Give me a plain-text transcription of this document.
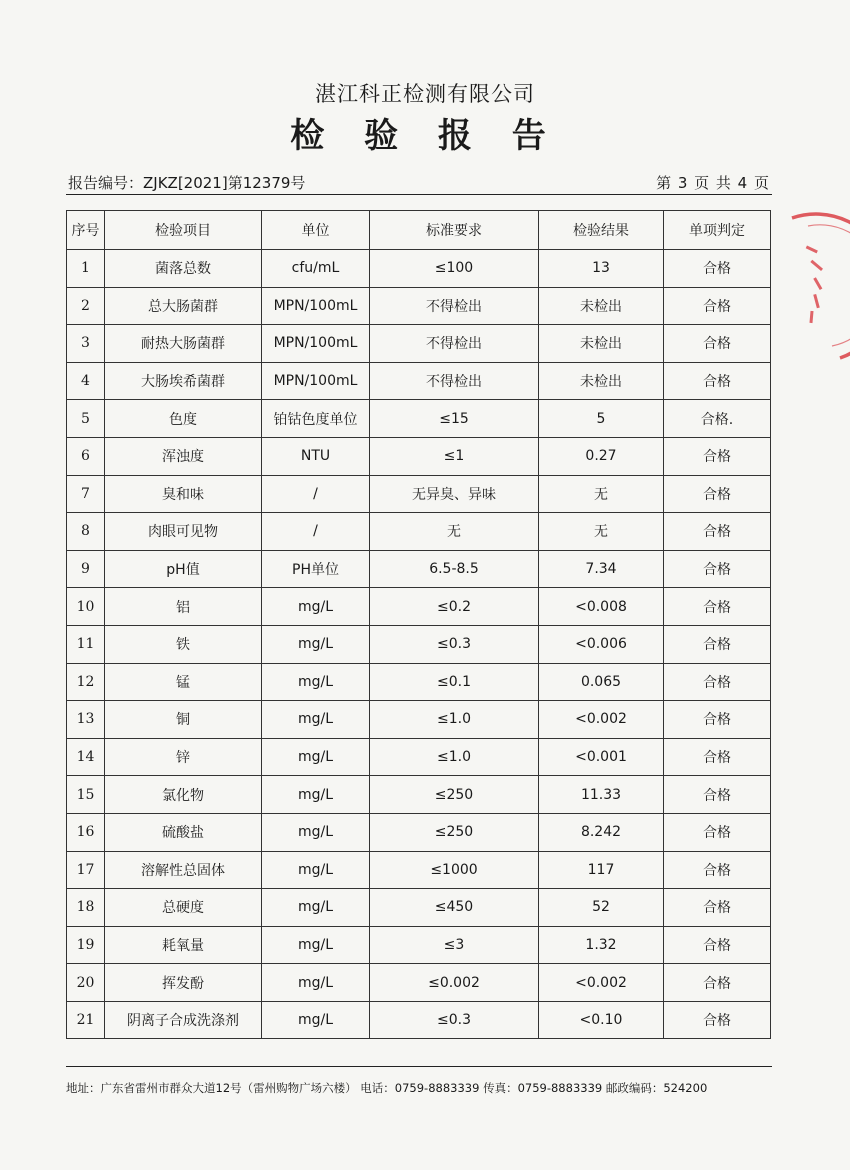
湛江科正检测有限公司
检 验 报 告
报告编号：ZJKZ[2021]第12379号	第 3 页 共 4 页
序号	检验项目	单位	标准要求	检验结果	单项判定
1	菌落总数	cfu/mL	≤100	13	合格
2	总大肠菌群	MPN/100mL	不得检出	未检出	合格
3	耐热大肠菌群	MPN/100mL	不得检出	未检出	合格
4	大肠埃希菌群	MPN/100mL	不得检出	未检出	合格
5	色度	铂钴色度单位	≤15	5	合格.
6	浑浊度	NTU	≤1	0.27	合格
7	臭和味	/	无异臭、异味	无	合格
8	肉眼可见物	/	无	无	合格
9	pH值	PH单位	6.5-8.5	7.34	合格
10	铝	mg/L	≤0.2	<0.008	合格
11	铁	mg/L	≤0.3	<0.006	合格
12	锰	mg/L	≤0.1	0.065	合格
13	铜	mg/L	≤1.0	<0.002	合格
14	锌	mg/L	≤1.0	<0.001	合格
15	氯化物	mg/L	≤250	11.33	合格
16	硫酸盐	mg/L	≤250	8.242	合格
17	溶解性总固体	mg/L	≤1000	117	合格
18	总硬度	mg/L	≤450	52	合格
19	耗氧量	mg/L	≤3	1.32	合格
20	挥发酚	mg/L	≤0.002	<0.002	合格
21	阴离子合成洗涤剂	mg/L	≤0.3	<0.10	合格
地址：广东省雷州市群众大道12号（雷州购物广场六楼） 电话：0759-8883339 传真：0759-8883339 邮政编码：524200
